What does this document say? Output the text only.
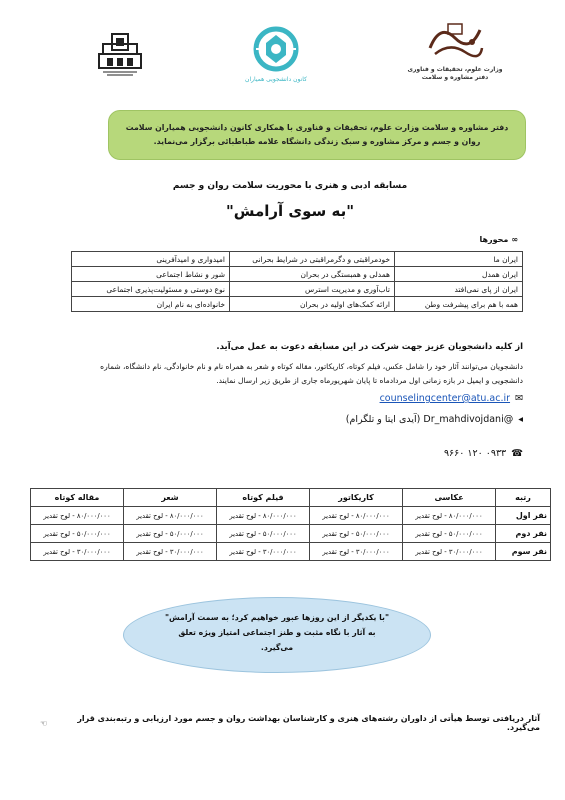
کانون دانشجویی همیاران
وزارت علوم، تحقیقات و فناوری
دفتر مشاوره و سلامت
دفتر مشاوره و سلامت وزارت علوم، تحقیقات و فناوری با همکاری کانون دانشجویی همیاران سلامت
روان و جسم و مرکز مشاوره و سبک زندگی دانشگاه علامه طباطبائی برگزار می‌نماید.
مسابقه ادبی و هنری با محوریت سلامت روان و جسم
"به سوی آرامش"
∞
محورها
ایران ما	خودمراقبتی و دگرمراقبتی در شرایط بحرانی	امیدواری و امیدآفرینی
ایران همدل	همدلی و همبستگی در بحران	شور و نشاط اجتماعی
ایران از پای نمی‌افتد	تاب‌آوری و مدیریت استرس	نوع دوستی و مسئولیت‌پذیری اجتماعی
همه با هم برای پیشرفت وطن	ارائه کمک‌های اولیه در بحران	خانواده‌ای به نام ایران
از کلیه دانشجویان عزیز جهت شرکت در این مسابقه دعوت به عمل می‌آید.
دانشجویان می‌توانند آثار خود را شامل عکس، فیلم کوتاه، کاریکاتور، مقاله کوتاه و شعر به همراه نام و نام خانوادگی، نام دانشگاه، شماره
دانشجویی و ایمیل در بازه زمانی اول مردادماه تا پایان شهریورماه جاری از طریق زیر ارسال نمایند.
✉
counselingcenter@atu.ac.ir
◂
@Dr_mahdivojdani (آیدی ایتا و تلگرام)
☎
۰۹۳۳ ۱۲۰ ۹۶۶۰
رتبه	عکاسی	کاریکاتور	فیلم کوتاه	شعر	مقاله کوتاه
نفر اول	۸۰/۰۰۰/۰۰۰ - لوح تقدیر	۸۰/۰۰۰/۰۰۰ - لوح تقدیر	۸۰/۰۰۰/۰۰۰ - لوح تقدیر	۸۰/۰۰۰/۰۰۰ - لوح تقدیر	۸۰/۰۰۰/۰۰۰ - لوح تقدیر
نفر دوم	۵۰/۰۰۰/۰۰۰ - لوح تقدیر	۵۰/۰۰۰/۰۰۰ - لوح تقدیر	۵۰/۰۰۰/۰۰۰ - لوح تقدیر	۵۰/۰۰۰/۰۰۰ - لوح تقدیر	۵۰/۰۰۰/۰۰۰ - لوح تقدیر
نفر سوم	۳۰/۰۰۰/۰۰۰ - لوح تقدیر	۳۰/۰۰۰/۰۰۰ - لوح تقدیر	۳۰/۰۰۰/۰۰۰ - لوح تقدیر	۳۰/۰۰۰/۰۰۰ - لوح تقدیر	۳۰/۰۰۰/۰۰۰ - لوح تقدیر
"با یکدیگر از این روزها عبور خواهیم کرد؛ به سمت آرامش"
به آثار با نگاه مثبت و طنز اجتماعی امتیاز ویژه تعلق
می‌گیرد.
☜	آثار دریافتی توسط هیأتی از داوران رشته‌های هنری و کارشناسان بهداشت روان و جسم مورد ارزیابی و رتبه‌بندی قرار می‌گیرد.
